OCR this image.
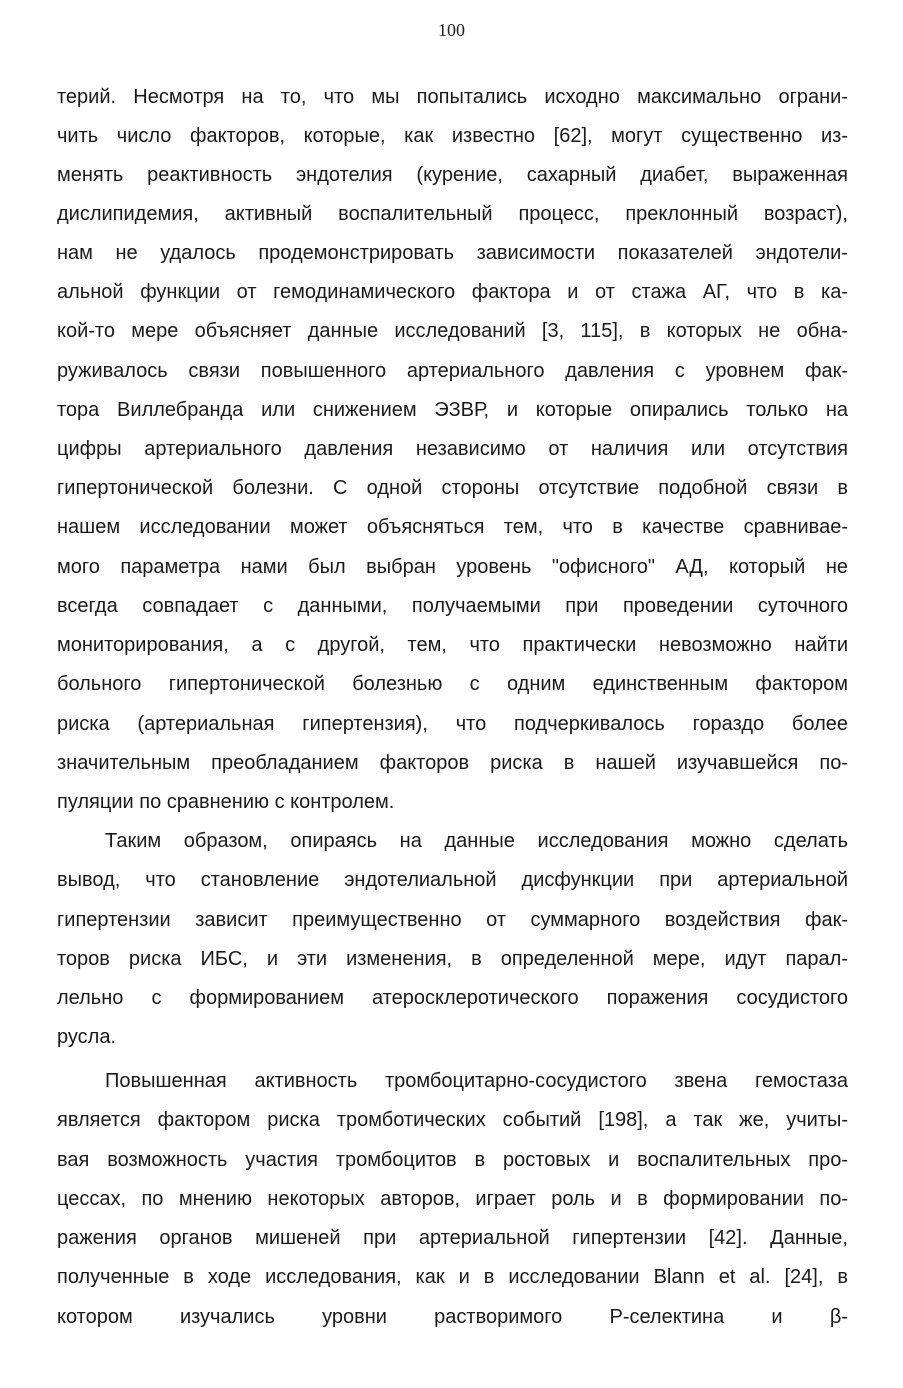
100
терий. Несмотря на то, что мы попытались исходно максимально ограни-
чить число факторов, которые, как известно [62], могут существенно из-
менять реактивность эндотелия (курение, сахарный диабет, выраженная
дислипидемия, активный воспалительный процесс, преклонный возраст),
нам не удалось продемонстрировать зависимости показателей эндотели-
альной функции от гемодинамического фактора и от стажа АГ, что в ка-
кой-то мере объясняет данные исследований [3, 115], в которых не обна-
руживалось связи повышенного артериального давления с уровнем фак-
тора Виллебранда или снижением ЭЗВР, и которые опирались только на
цифры артериального давления независимо от наличия или отсутствия
гипертонической болезни. С одной стороны отсутствие подобной связи в
нашем исследовании может объясняться тем, что в качестве сравнивае-
мого параметра нами был выбран уровень "офисного" АД, который не
всегда совпадает с данными, получаемыми при проведении суточного
мониторирования, а с другой, тем, что практически невозможно найти
больного гипертонической болезнью с одним единственным фактором
риска (артериальная гипертензия), что подчеркивалось гораздо более
значительным преобладанием факторов риска в нашей изучавшейся по-
пуляции по сравнению с контролем.
Таким образом, опираясь на данные исследования можно сделать
вывод, что становление эндотелиальной дисфункции при артериальной
гипертензии зависит преимущественно от суммарного воздействия фак-
торов риска ИБС, и эти изменения, в определенной мере, идут парал-
лельно с формированием атеросклеротического поражения сосудистого
русла.
Повышенная активность тромбоцитарно-сосудистого звена гемостаза
является фактором риска тромботических событий [198], а так же, учиты-
вая возможность участия тромбоцитов в ростовых и воспалительных про-
цессах, по мнению некоторых авторов, играет роль и в формировании по-
ражения органов мишеней при артериальной гипертензии [42]. Данные,
полученные в ходе исследования, как и в исследовании Blann et al. [24], в
котором изучались уровни растворимого Р-селектина и β-
